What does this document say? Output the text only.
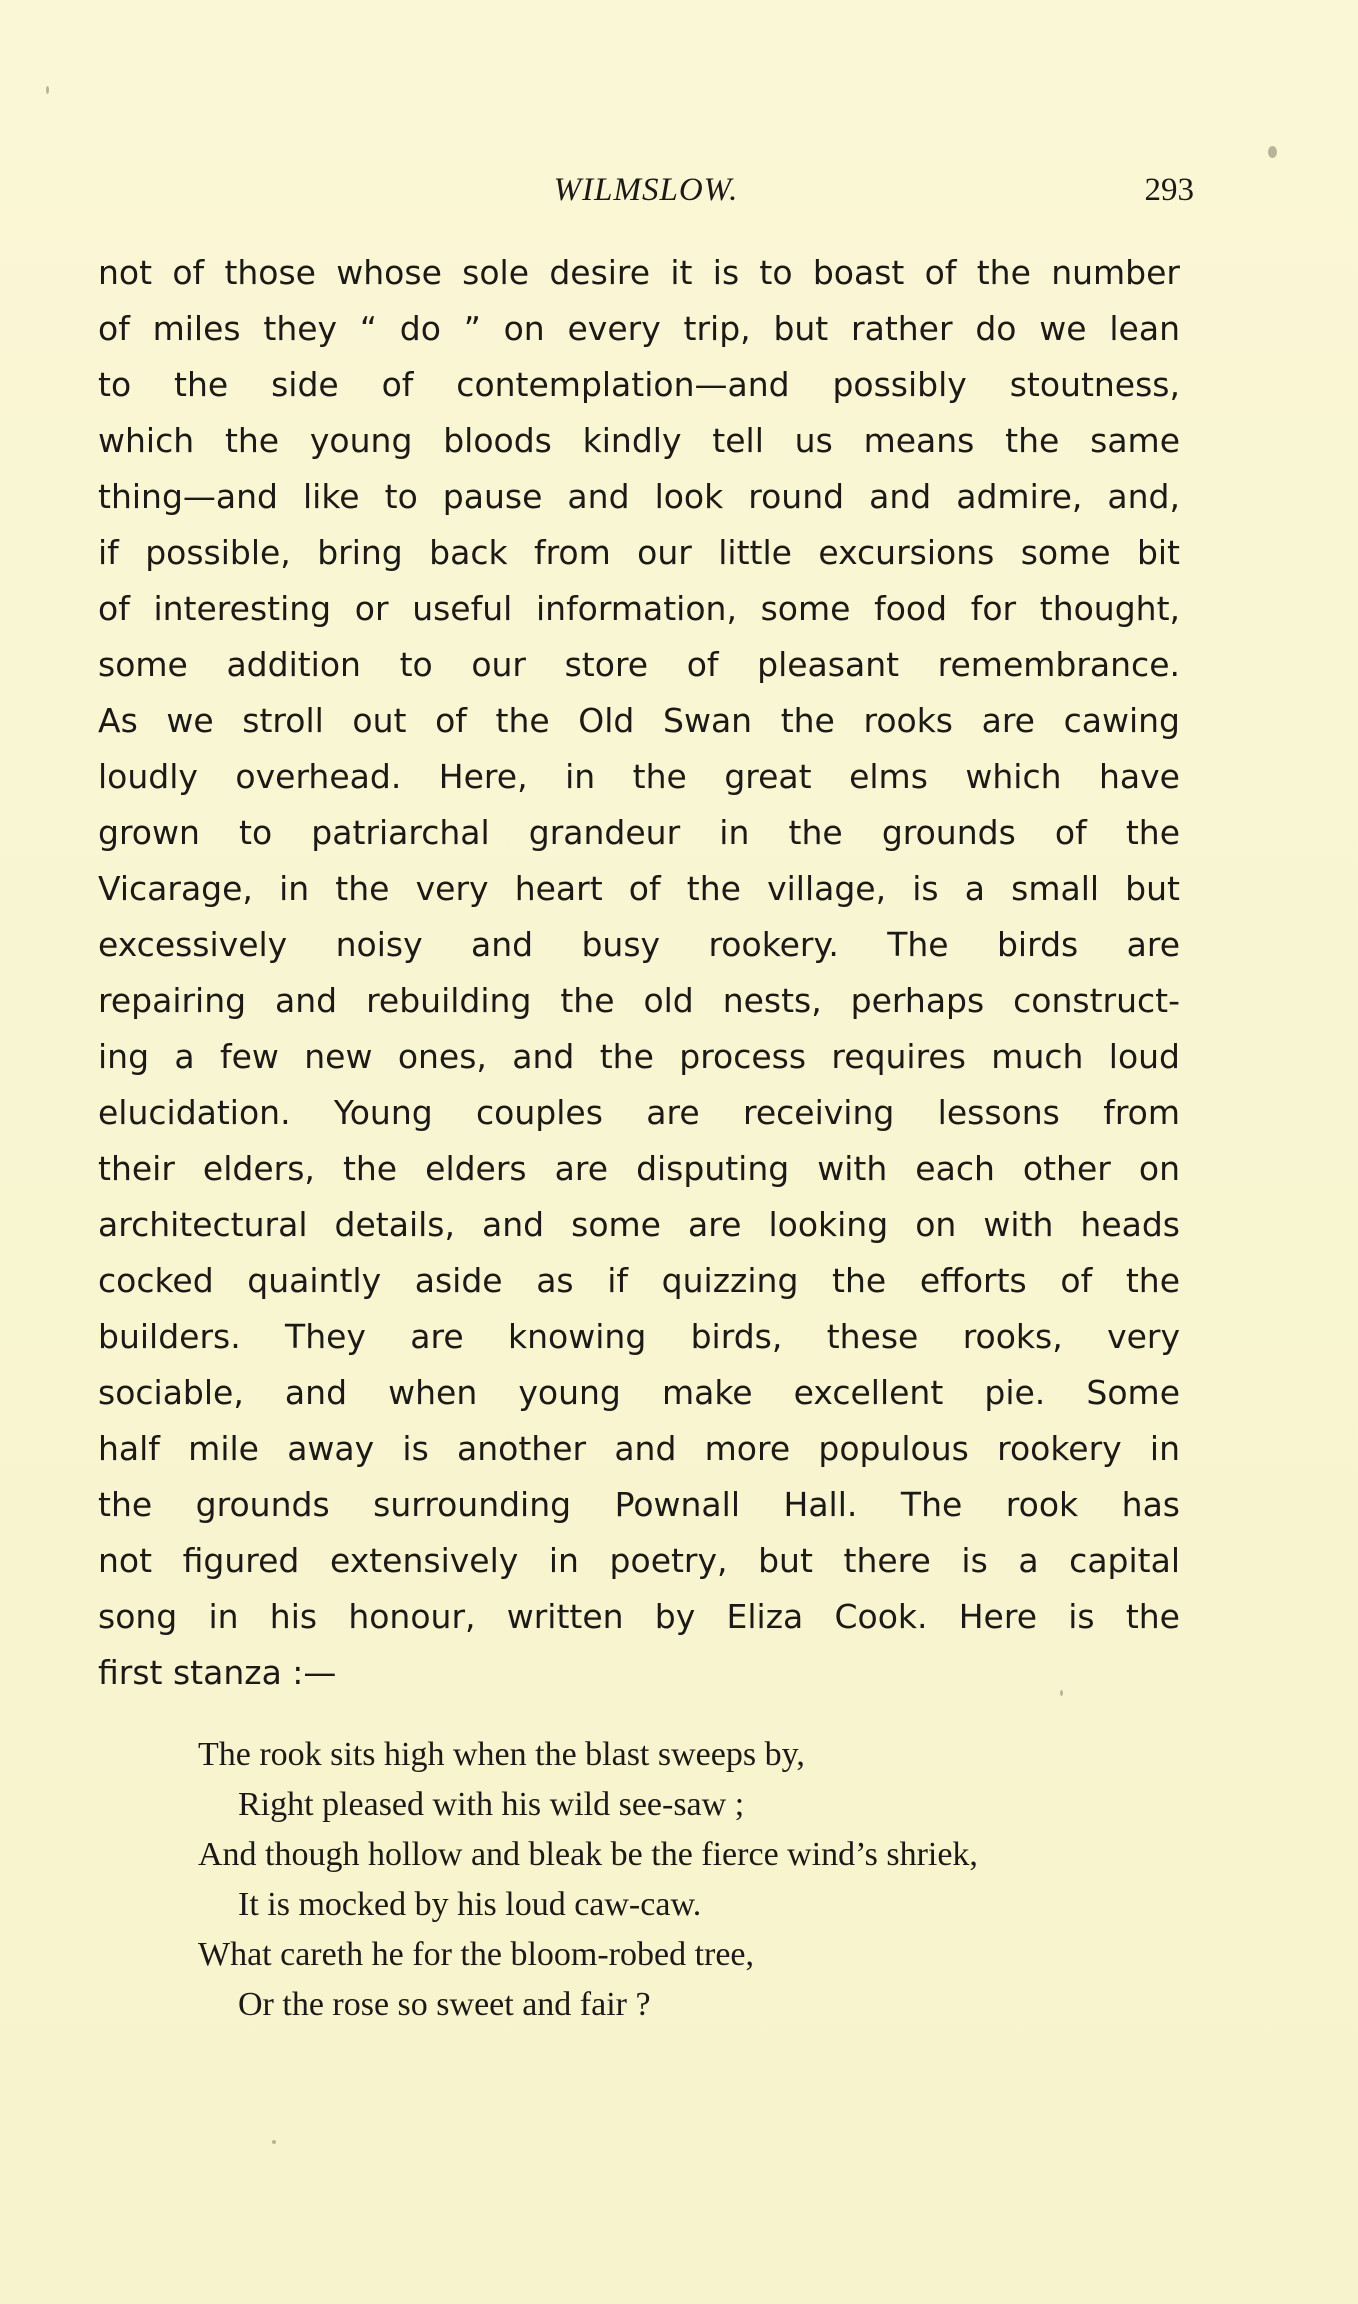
WILMSLOW.	293
not of those whose sole desire it is to boast of the number
of miles they “ do ” on every trip, but rather do we lean
to the side of contemplation—and possibly stoutness,
which the young bloods kindly tell us means the same
thing—and like to pause and look round and admire, and,
if possible, bring back from our little excursions some bit
of interesting or useful information, some food for thought,
some addition to our store of pleasant remembrance.
As we stroll out of the Old Swan the rooks are cawing
loudly overhead. Here, in the great elms which have
grown to patriarchal grandeur in the grounds of the
Vicarage, in the very heart of the village, is a small but
excessively noisy and busy rookery. The birds are
repairing and rebuilding the old nests, perhaps construct-
ing a few new ones, and the process requires much loud
elucidation. Young couples are receiving lessons from
their elders, the elders are disputing with each other on
architectural details, and some are looking on with heads
cocked quaintly aside as if quizzing the efforts of the
builders. They are knowing birds, these rooks, very
sociable, and when young make excellent pie. Some
half mile away is another and more populous rookery in
the grounds surrounding Pownall Hall. The rook has
not figured extensively in poetry, but there is a capital
song in his honour, written by Eliza Cook. Here is the
first stanza :—
The rook sits high when the blast sweeps by,
Right pleased with his wild see-saw ;
And though hollow and bleak be the fierce wind’s shriek,
It is mocked by his loud caw-caw.
What careth he for the bloom-robed tree,
Or the rose so sweet and fair ?
